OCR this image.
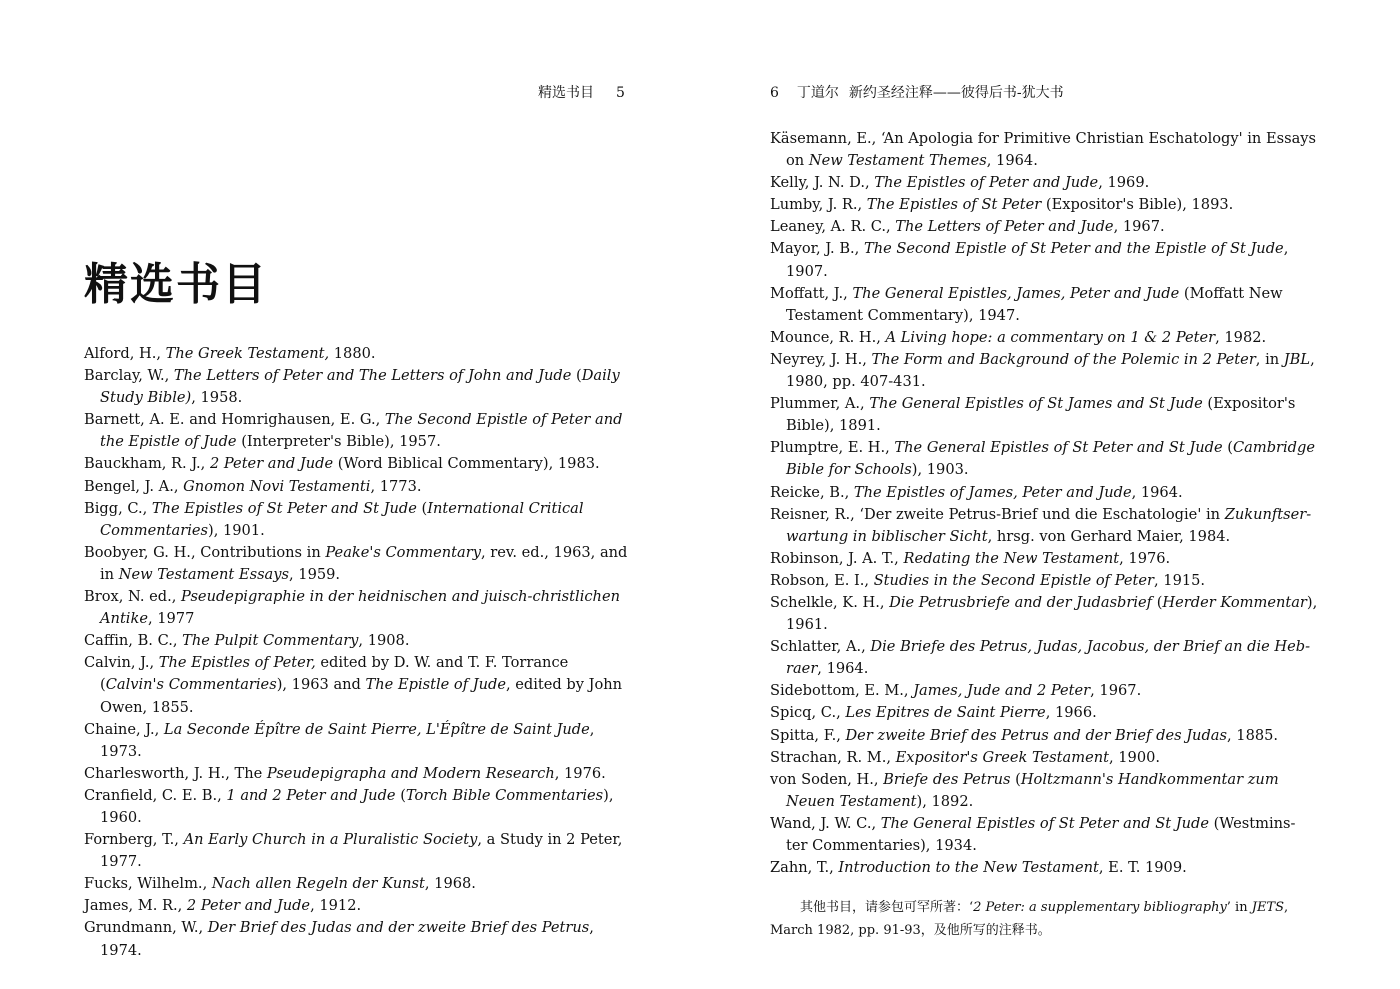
精选书目 5
精选书目
Alford, H., The Greek Testament, 1880.
Barclay, W., The Letters of Peter and The Letters of John and Jude (Daily Study Bible), 1958.
Barnett, A. E. and Homrighausen, E. G., The Second Epistle of Peter and the Epistle of Jude (Interpreter's Bible), 1957.
Bauckham, R. J., 2 Peter and Jude (Word Biblical Commentary), 1983.
Bengel, J. A., Gnomon Novi Testamenti, 1773.
Bigg, C., The Epistles of St Peter and St Jude (International Critical Commentaries), 1901.
Boobyer, G. H., Contributions in Peake's Commentary, rev. ed., 1963, and in New Testament Essays, 1959.
Brox, N. ed., Pseudepigraphie in der heidnischen and juisch-christlichen Antike, 1977
Caffin, B. C., The Pulpit Commentary, 1908.
Calvin, J., The Epistles of Peter, edited by D. W. and T. F. Torrance (Calvin's Commentaries), 1963 and The Epistle of Jude, edited by John Owen, 1855.
Chaine, J., La Seconde Épître de Saint Pierre, L'Épître de Saint Jude, 1973.
Charlesworth, J. H., The Pseudepigrapha and Modern Research, 1976.
Cranfield, C. E. B., 1 and 2 Peter and Jude (Torch Bible Commentaries), 1960.
Fornberg, T., An Early Church in a Pluralistic Society, a Study in 2 Peter, 1977.
Fucks, Wilhelm., Nach allen Regeln der Kunst, 1968.
James, M. R., 2 Peter and Jude, 1912.
Grundmann, W., Der Brief des Judas and der zweite Brief des Petrus, 1974.
6 丁道尔 新约圣经注释——彼得后书-犹大书
Käsemann, E., ‘An Apologia for Primitive Christian Eschatology' in Essays on New Testament Themes, 1964.
Kelly, J. N. D., The Epistles of Peter and Jude, 1969.
Lumby, J. R., The Epistles of St Peter (Expositor's Bible), 1893.
Leaney, A. R. C., The Letters of Peter and Jude, 1967.
Mayor, J. B., The Second Epistle of St Peter and the Epistle of St Jude, 1907.
Moffatt, J., The General Epistles, James, Peter and Jude (Moffatt New Testament Commentary), 1947.
Mounce, R. H., A Living hope: a commentary on 1 & 2 Peter, 1982.
Neyrey, J. H., The Form and Background of the Polemic in 2 Peter, in JBL, 1980, pp. 407-431.
Plummer, A., The General Epistles of St James and St Jude (Expositor's Bible), 1891.
Plumptre, E. H., The General Epistles of St Peter and St Jude (Cambridge Bible for Schools), 1903.
Reicke, B., The Epistles of James, Peter and Jude, 1964.
Reisner, R., ‘Der zweite Petrus-Brief und die Eschatologie' in Zukunftser-wartung in biblischer Sicht, hrsg. von Gerhard Maier, 1984.
Robinson, J. A. T., Redating the New Testament, 1976.
Robson, E. I., Studies in the Second Epistle of Peter, 1915.
Schelkle, K. H., Die Petrusbriefe and der Judasbrief (Herder Kommentar), 1961.
Schlatter, A., Die Briefe des Petrus, Judas, Jacobus, der Brief an die Heb-raer, 1964.
Sidebottom, E. M., James, Jude and 2 Peter, 1967.
Spicq, C., Les Epitres de Saint Pierre, 1966.
Spitta, F., Der zweite Brief des Petrus and der Brief des Judas, 1885.
Strachan, R. M., Expositor's Greek Testament, 1900.
von Soden, H., Briefe des Petrus (Holtzmann's Handkommentar zum Neuen Testament), 1892.
Wand, J. W. C., The General Epistles of St Peter and St Jude (Westmins- ter Commentaries), 1934.
Zahn, T., Introduction to the New Testament, E. T. 1909.

其他书目，请参包可罕所著：‘2 Peter: a supplementary bibliography’ in JETS, March 1982, pp. 91-93，及他所写的注释书。
